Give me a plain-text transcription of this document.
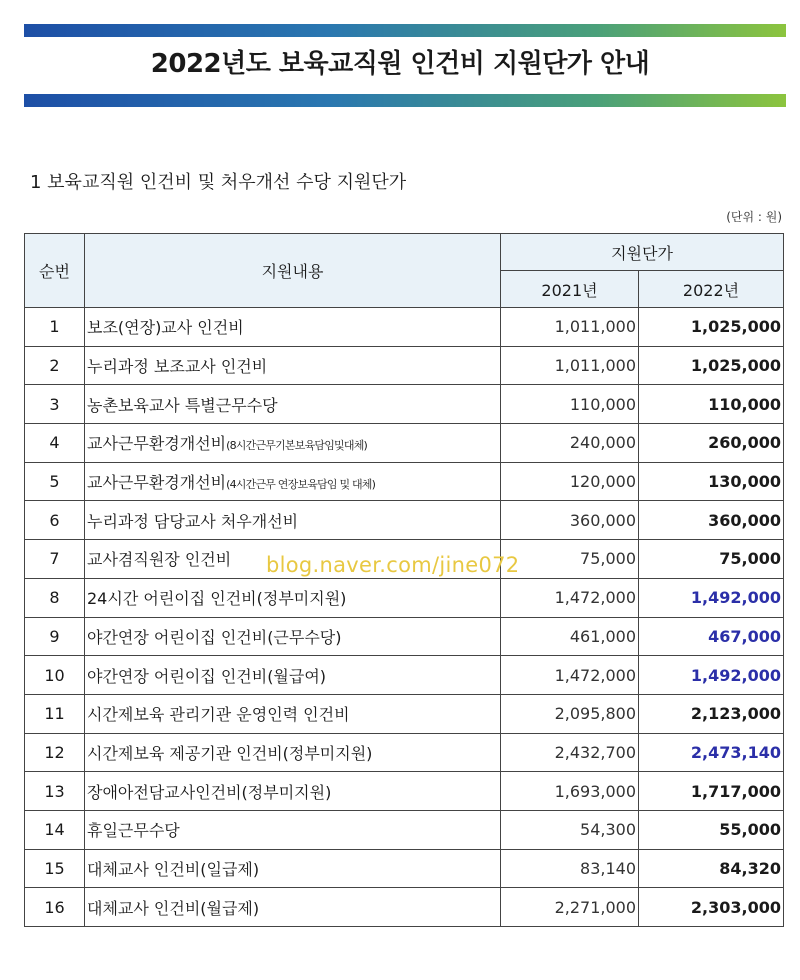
2022년도 보육교직원 인건비 지원단가 안내
1 보육교직원 인건비 및 처우개선 수당 지원단가
(단위 : 원)
순번	지원내용	지원단가	
		2021년	2022년
1	보조(연장)교사 인건비	1,011,000	1,025,000
2	누리과정 보조교사 인건비	1,011,000	1,025,000
3	농촌보육교사 특별근무수당	110,000	110,000
4	교사근무환경개선비(8시간근무기본보육담임및대체)	240,000	260,000
5	교사근무환경개선비(4시간근무 연장보육담임 및 대체)	120,000	130,000
6	누리과정 담당교사 처우개선비	360,000	360,000
7	교사겸직원장 인건비	75,000	75,000
8	24시간 어린이집 인건비(정부미지원)	1,472,000	1,492,000
9	야간연장 어린이집 인건비(근무수당)	461,000	467,000
10	야간연장 어린이집 인건비(월급여)	1,472,000	1,492,000
11	시간제보육 관리기관 운영인력 인건비	2,095,800	2,123,000
12	시간제보육 제공기관 인건비(정부미지원)	2,432,700	2,473,140
13	장애아전담교사인건비(정부미지원)	1,693,000	1,717,000
14	휴일근무수당	54,300	55,000
15	대체교사 인건비(일급제)	83,140	84,320
16	대체교사 인건비(월급제)	2,271,000	2,303,000
blog.naver.com/jine072
